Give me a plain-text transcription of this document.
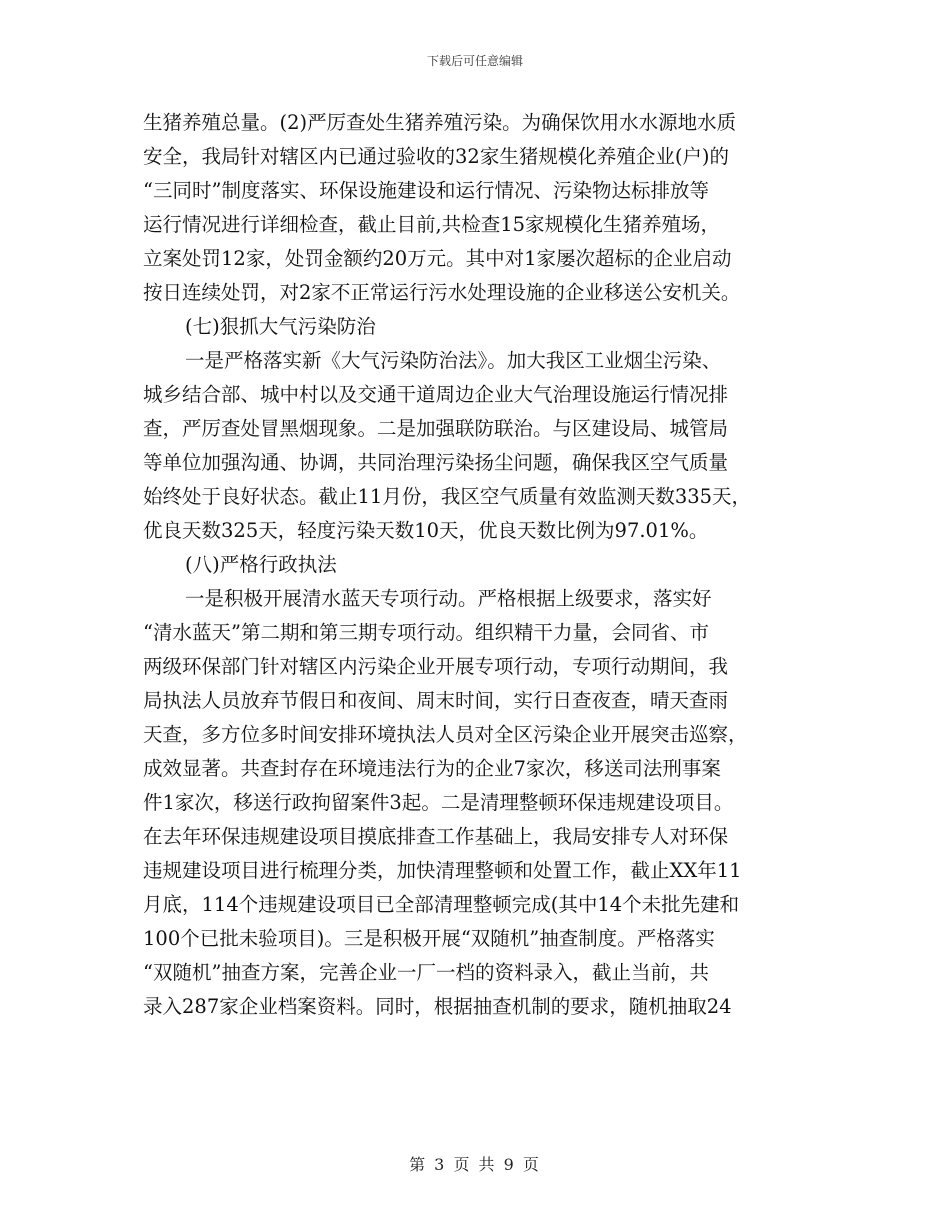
下载后可任意编辑
生猪养殖总量。(2)严厉查处生猪养殖污染。为确保饮用水水源地水质
安全，我局针对辖区内已通过验收的32家生猪规模化养殖企业(户)的
“三同时”制度落实、环保设施建设和运行情况、污染物达标排放等
运行情况进行详细检查，截止目前,共检查15家规模化生猪养殖场，
立案处罚12家，处罚金额约20万元。其中对1家屡次超标的企业启动
按日连续处罚，对2家不正常运行污水处理设施的企业移送公安机关。
(七)狠抓大气污染防治
一是严格落实新《大气污染防治法》。加大我区工业烟尘污染、
城乡结合部、城中村以及交通干道周边企业大气治理设施运行情况排
查，严厉查处冒黑烟现象。二是加强联防联治。与区建设局、城管局
等单位加强沟通、协调，共同治理污染扬尘问题，确保我区空气质量
始终处于良好状态。截止11月份，我区空气质量有效监测天数335天，
优良天数325天，轻度污染天数10天，优良天数比例为97.01%。
(八)严格行政执法
一是积极开展清水蓝天专项行动。严格根据上级要求，落实好
“清水蓝天”第二期和第三期专项行动。组织精干力量，会同省、市
两级环保部门针对辖区内污染企业开展专项行动，专项行动期间，我
局执法人员放弃节假日和夜间、周末时间，实行日查夜查，晴天查雨
天查，多方位多时间安排环境执法人员对全区污染企业开展突击巡察，
成效显著。共查封存在环境违法行为的企业7家次，移送司法刑事案
件1家次，移送行政拘留案件3起。二是清理整顿环保违规建设项目。
在去年环保违规建设项目摸底排查工作基础上，我局安排专人对环保
违规建设项目进行梳理分类，加快清理整顿和处置工作，截止XX年11
月底，114个违规建设项目已全部清理整顿完成(其中14个未批先建和
100个已批未验项目)。三是积极开展“双随机”抽查制度。严格落实
“双随机”抽查方案，完善企业一厂一档的资料录入，截止当前，共
录入287家企业档案资料。同时，根据抽查机制的要求，随机抽取24
第 3 页 共 9 页
